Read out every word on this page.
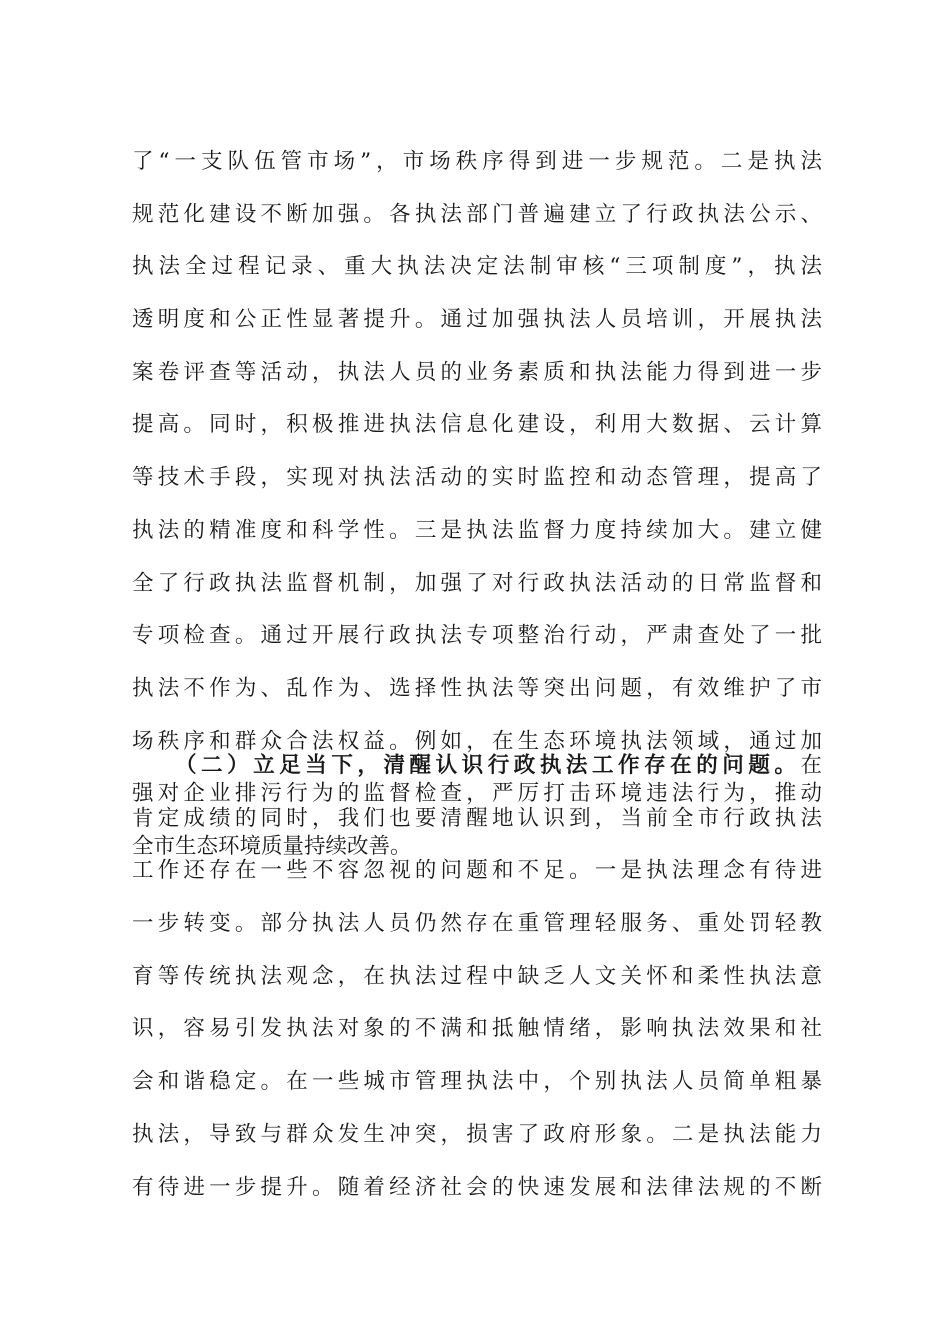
了“一支队伍管市场”，市场秩序得到进一步规范。二是执法
规范化建设不断加强。各执法部门普遍建立了行政执法公示、
执法全过程记录、重大执法决定法制审核“三项制度”，执法
透明度和公正性显著提升。通过加强执法人员培训，开展执法
案卷评查等活动，执法人员的业务素质和执法能力得到进一步
提高。同时，积极推进执法信息化建设，利用大数据、云计算
等技术手段，实现对执法活动的实时监控和动态管理，提高了
执法的精准度和科学性。三是执法监督力度持续加大。建立健
全了行政执法监督机制，加强了对行政执法活动的日常监督和
专项检查。通过开展行政执法专项整治行动，严肃查处了一批
执法不作为、乱作为、选择性执法等突出问题，有效维护了市
场秩序和群众合法权益。例如，在生态环境执法领域，通过加
强对企业排污行为的监督检查，严厉打击环境违法行为，推动
全市生态环境质量持续改善。
（二）立足当下，清醒认识行政执法工作存在的问题。在
肯定成绩的同时，我们也要清醒地认识到，当前全市行政执法
工作还存在一些不容忽视的问题和不足。一是执法理念有待进
一步转变。部分执法人员仍然存在重管理轻服务、重处罚轻教
育等传统执法观念，在执法过程中缺乏人文关怀和柔性执法意
识，容易引发执法对象的不满和抵触情绪，影响执法效果和社
会和谐稳定。在一些城市管理执法中，个别执法人员简单粗暴
执法，导致与群众发生冲突，损害了政府形象。二是执法能力
有待进一步提升。随着经济社会的快速发展和法律法规的不断
